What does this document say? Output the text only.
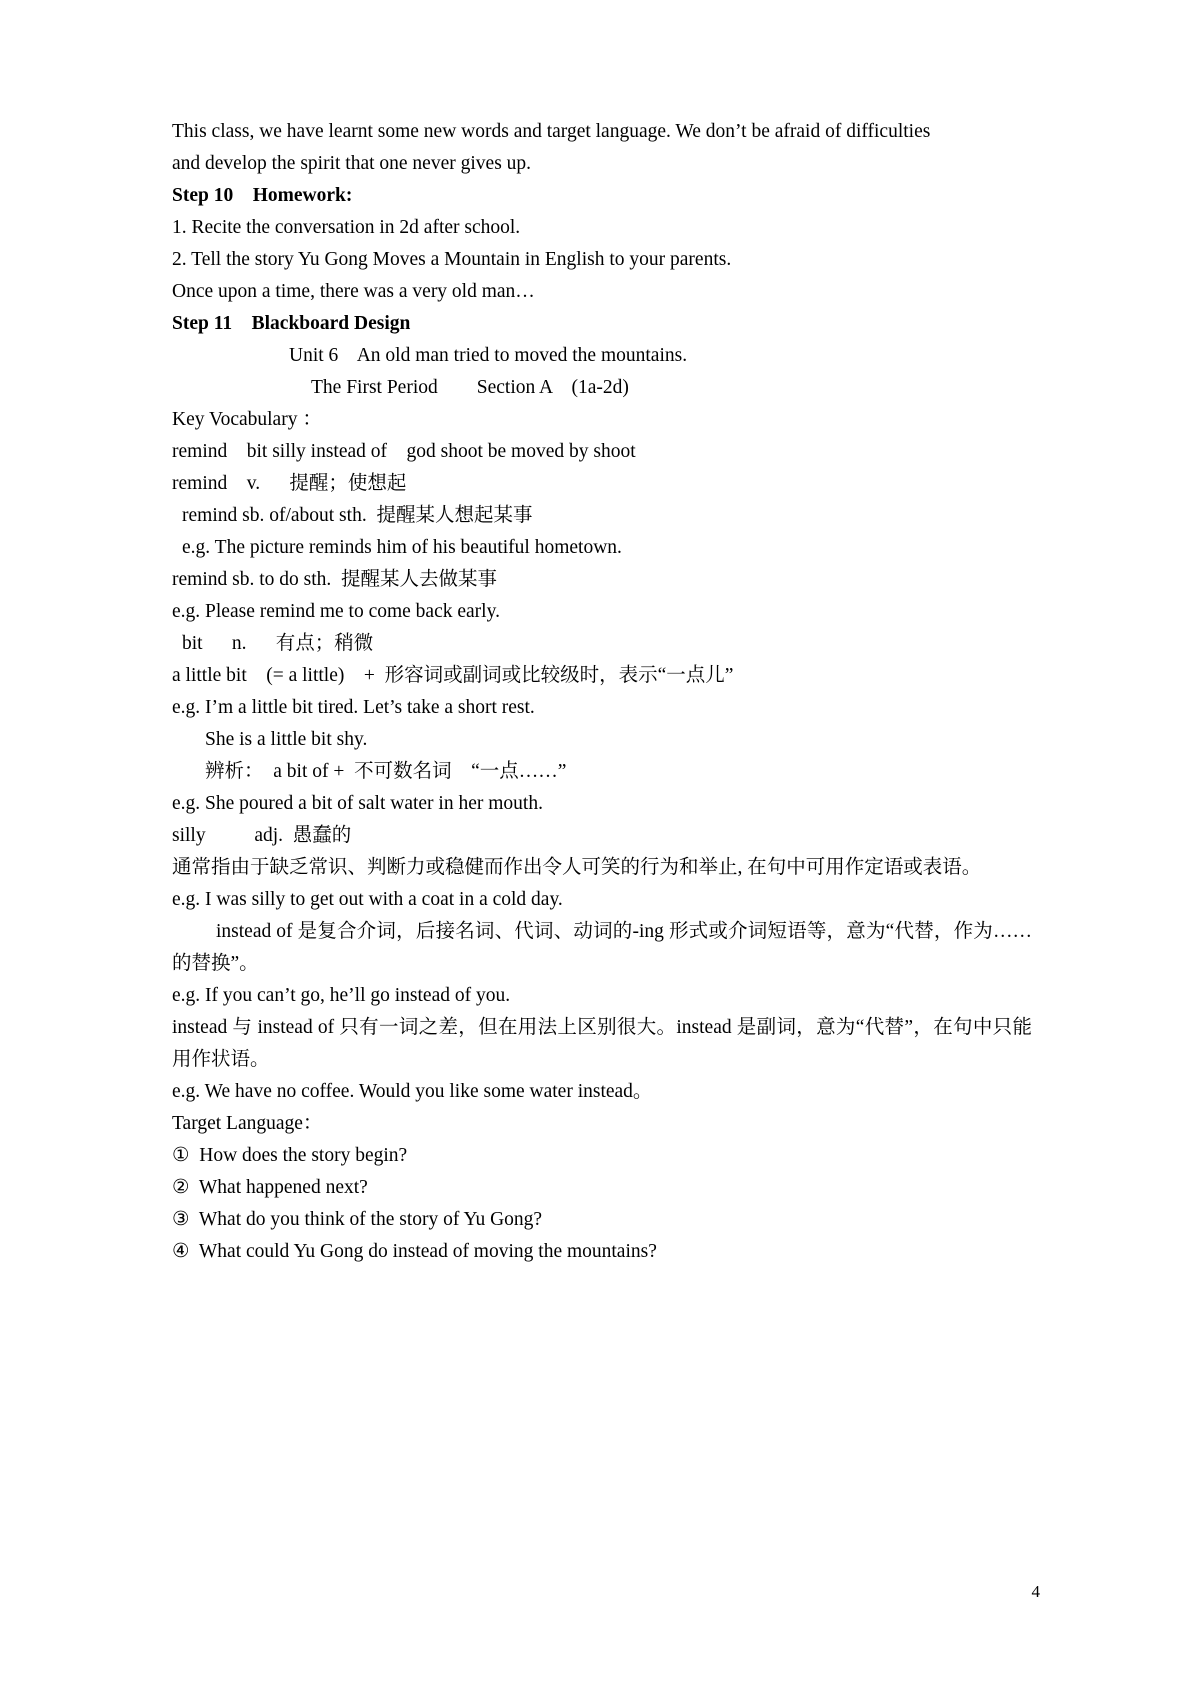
This class, we have learnt some new words and target language. We don’t be afraid of difficulties
and develop the spirit that one never gives up.
Step 10    Homework:
1. Recite the conversation in 2d after school.
2. Tell the story Yu Gong Moves a Mountain in English to your parents.
Once upon a time, there was a very old man…
Step 11    Blackboard Design
Unit 6    An old man tried to moved the mountains.
The First Period        Section A    (1a-2d)
Key Vocabulary ：
remind    bit silly instead of    god shoot be moved by shoot
remind    v.      提醒；使想起
remind sb. of/about sth.  提醒某人想起某事
e.g. The picture reminds him of his beautiful hometown.
remind sb. to do sth.  提醒某人去做某事
e.g. Please remind me to come back early.
bit      n.      有点；稍微
a little bit    (= a little)    +  形容词或副词或比较级时，表示“一点儿”
e.g. I’m a little bit tired. Let’s take a short rest.
She is a little bit shy.
辨析：  a bit of +  不可数名词    “一点……”
e.g. She poured a bit of salt water in her mouth.
silly          adj.  愚蠢的
通常指由于缺乏常识、判断力或稳健而作出令人可笑的行为和举止, 在句中可用作定语或表语。
e.g. I was silly to get out with a coat in a cold day.
instead of 是复合介词，后接名词、代词、动词的-ing 形式或介词短语等，意为“代替，作为……的替换”。
e.g. If you can’t go, he’ll go instead of you.
instead 与 instead of 只有一词之差，但在用法上区别很大。instead 是副词，意为“代替”，在句中只能用作状语。
e.g. We have no coffee. Would you like some water instead。
Target Language：
①  How does the story begin?
②  What happened next?
③  What do you think of the story of Yu Gong?
④  What could Yu Gong do instead of moving the mountains?
4
